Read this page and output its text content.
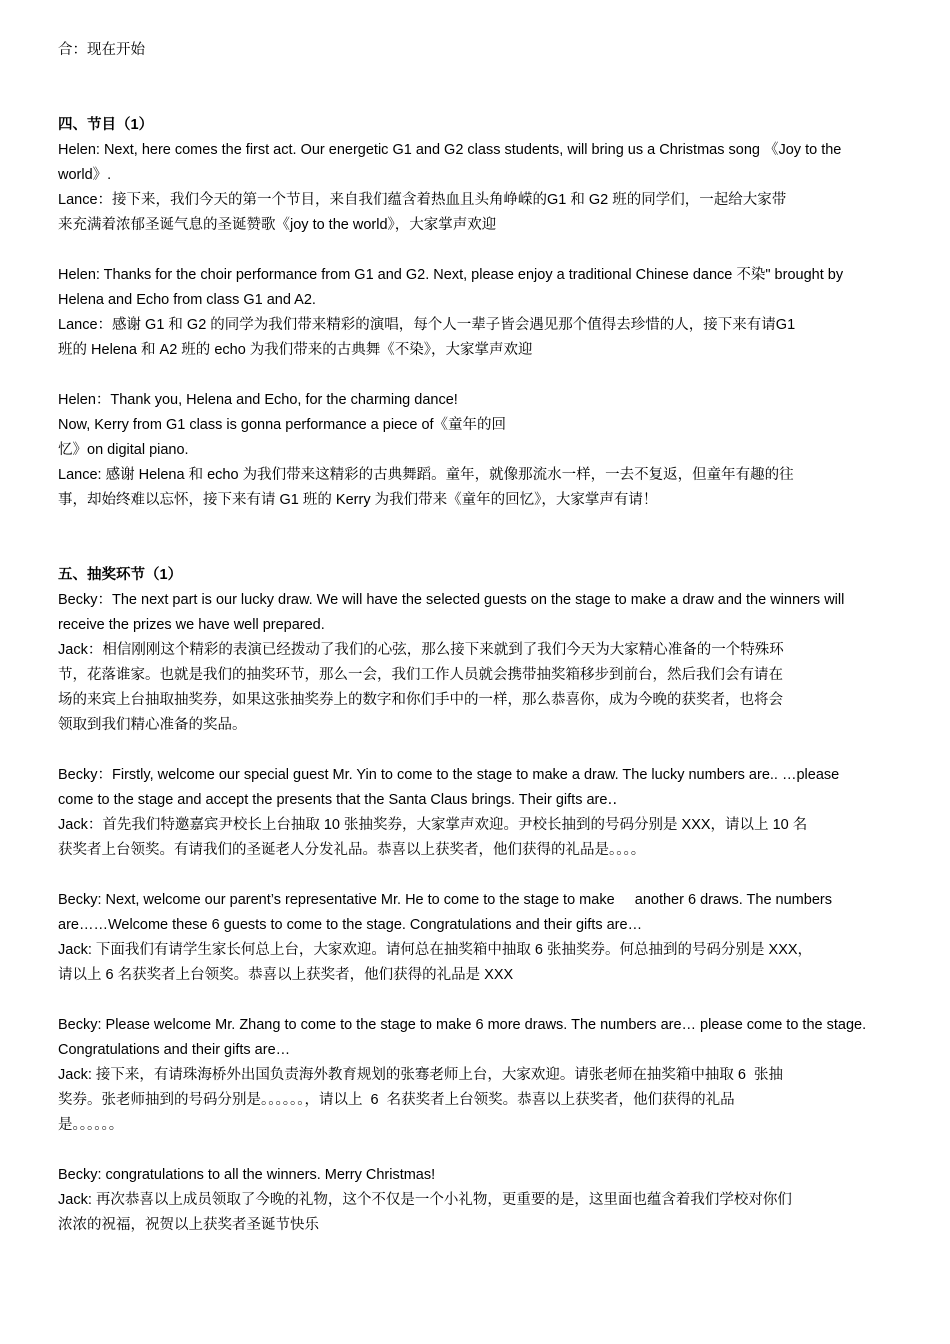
合：现在开始

四、节目（1）

Helen: Next, here comes the first act. Our energetic G1 and G2 class students, will bring us a Christmas song 《Joy to the

world》.

Lance：接下来，我们今天的第一个节目，来自我们蕴含着热血且头角峥嵘的G1 和 G2 班的同学们，一起给大家带

来充满着浓郁圣诞气息的圣诞赞歌《joy to the world》，大家掌声欢迎

Helen: Thanks for the choir performance from G1 and G2. Next, please enjoy a traditional Chinese dance 不染" brought by

Helena and Echo from class G1 and A2.

Lance：感谢 G1 和 G2 的同学为我们带来精彩的演唱，每个人一辈子皆会遇见那个值得去珍惜的人，接下来有请G1

班的 Helena 和 A2 班的 echo 为我们带来的古典舞《不染》，大家掌声欢迎

Helen：Thank you, Helena and Echo, for the charming dance!

Now, Kerry from G1 class is gonna performance a piece of《童年的回

忆》on digital piano.

Lance: 感谢 Helena 和 echo 为我们带来这精彩的古典舞蹈。童年，就像那流水一样，一去不复返，但童年有趣的往

事，却始终难以忘怀，接下来有请 G1 班的 Kerry 为我们带来《童年的回忆》，大家掌声有请！

五、抽奖环节（1）

Becky：The next part is our lucky draw. We will have the selected guests on the stage to make a draw and the winners will

receive the prizes we have well prepared.

Jack：相信刚刚这个精彩的表演已经拨动了我们的心弦，那么接下来就到了我们今天为大家精心准备的一个特殊环

节，花落谁家。也就是我们的抽奖环节，那么一会，我们工作人员就会携带抽奖箱移步到前台，然后我们会有请在

场的来宾上台抽取抽奖券，如果这张抽奖券上的数字和你们手中的一样，那么恭喜你，成为今晚的获奖者，也将会

领取到我们精心准备的奖品。

Becky：Firstly, welcome our special guest Mr. Yin to come to the stage to make a draw. The lucky numbers are.. …please

come to the stage and accept the presents that the Santa Claus brings. Their gifts are‥

Jack：首先我们特邀嘉宾尹校长上台抽取 10 张抽奖券，大家掌声欢迎。尹校长抽到的号码分别是 XXX，请以上 10 名

获奖者上台领奖。有请我们的圣诞老人分发礼品。恭喜以上获奖者，他们获得的礼品是。。。。

Becky: Next, welcome our parent’s representative Mr. He to come to the stage to make     another 6 draws. The numbers

are……Welcome these 6 guests to come to the stage. Congratulations and their gifts are…

Jack: 下面我们有请学生家长何总上台，大家欢迎。请何总在抽奖箱中抽取 6 张抽奖券。何总抽到的号码分别是 XXX，

请以上 6 名获奖者上台领奖。恭喜以上获奖者，他们获得的礼品是 XXX

Becky: Please welcome Mr. Zhang to come to the stage to make 6 more draws. The numbers are… please come to the stage.

Congratulations and their gifts are…

Jack: 接下来，有请珠海桥外出国负责海外教育规划的张骞老师上台，大家欢迎。请张老师在抽奖箱中抽取 6  张抽

奖券。张老师抽到的号码分别是。。。。。。，请以上  6  名获奖者上台领奖。恭喜以上获奖者，他们获得的礼品

是。。。。。。

Becky: congratulations to all the winners. Merry Christmas!

Jack: 再次恭喜以上成员领取了今晚的礼物，这个不仅是一个小礼物，更重要的是，这里面也蕴含着我们学校对你们

浓浓的祝福，祝贺以上获奖者圣诞节快乐
